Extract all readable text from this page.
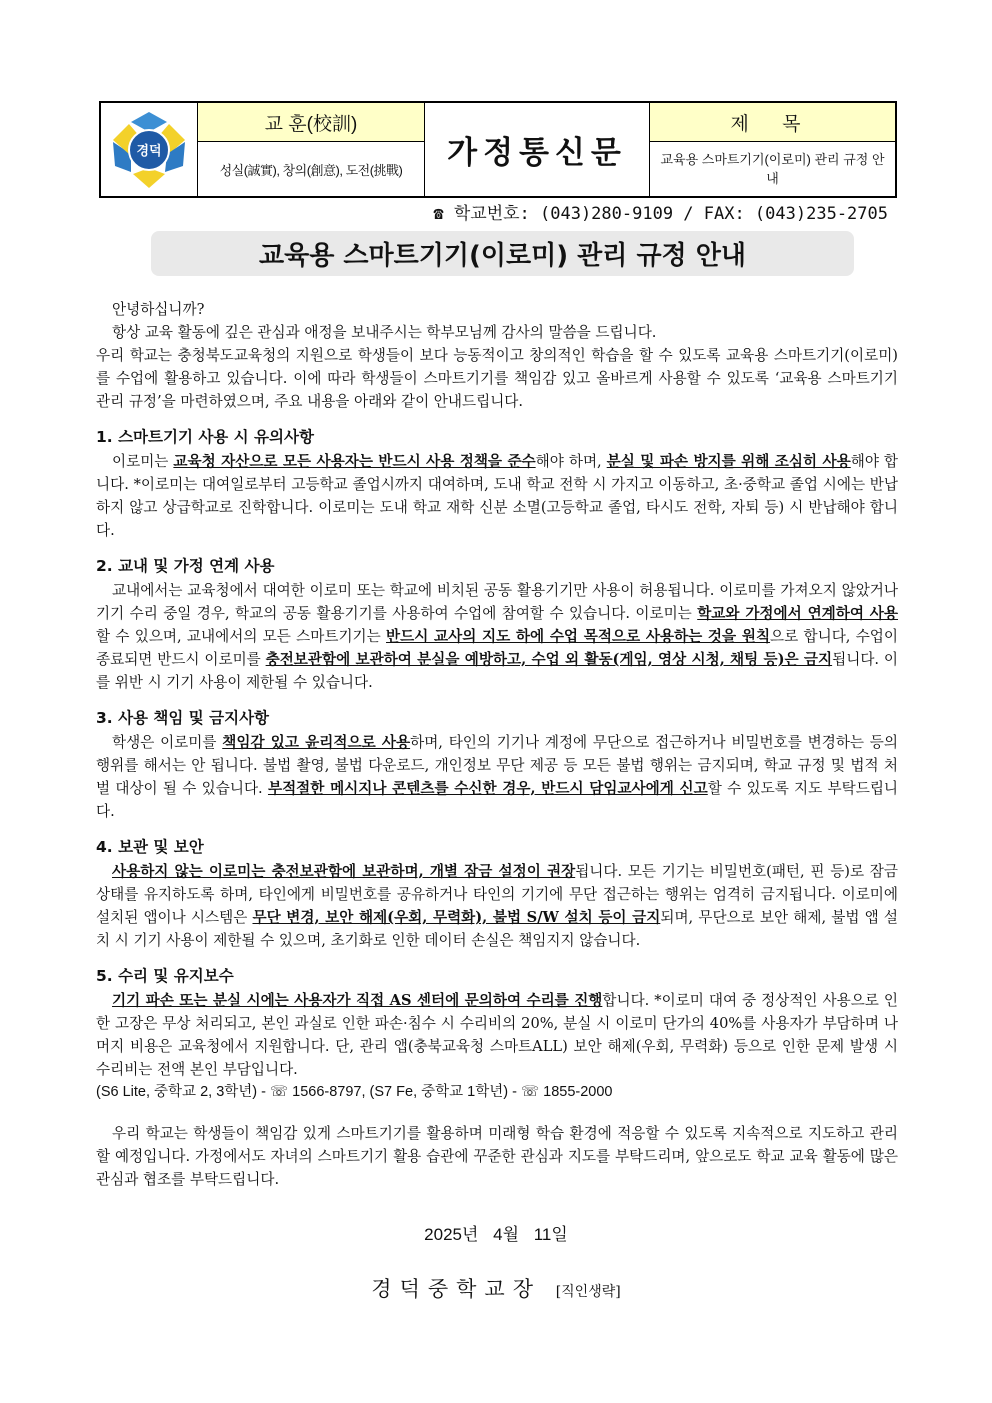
경덕
교 훈(校訓)
성실(誠實), 창의(創意), 도전(挑戰)	가정통신문
제 목
교육용 스마트기기(이로미) 관리 규정 안내
☎ 학교번호: (043)280-9109 / FAX: (043)235-2705
교육용 스마트기기(이로미) 관리 규정 안내

안녕하십니까?

항상 교육 활동에 깊은 관심과 애정을 보내주시는 학부모님께 감사의 말씀을 드립니다.

우리 학교는 충청북도교육청의 지원으로 학생들이 보다 능동적이고 창의적인 학습을 할 수 있도록 교육용 스마트기기(이로미)를 수업에 활용하고 있습니다. 이에 따라 학생들이 스마트기기를 책임감 있고 올바르게 사용할 수 있도록 ‘교육용 스마트기기 관리 규정’을 마련하였으며, 주요 내용을 아래와 같이 안내드립니다.

1. 스마트기기 사용 시 유의사항

이로미는 교육청 자산으로 모든 사용자는 반드시 사용 정책을 준수해야 하며, 분실 및 파손 방지를 위해 조심히 사용해야 합니다. *이로미는 대여일로부터 고등학교 졸업시까지 대여하며, 도내 학교 전학 시 가지고 이동하고, 초·중학교 졸업 시에는 반납하지 않고 상급학교로 진학합니다. 이로미는 도내 학교 재학 신분 소멸(고등학교 졸업, 타시도 전학, 자퇴 등) 시 반납해야 합니다.

2. 교내 및 가정 연계 사용

교내에서는 교육청에서 대여한 이로미 또는 학교에 비치된 공동 활용기기만 사용이 허용됩니다. 이로미를 가져오지 않았거나 기기 수리 중일 경우, 학교의 공동 활용기기를 사용하여 수업에 참여할 수 있습니다. 이로미는 학교와 가정에서 연계하여 사용할 수 있으며, 교내에서의 모든 스마트기기는 반드시 교사의 지도 하에 수업 목적으로 사용하는 것을 원칙으로 합니다, 수업이 종료되면 반드시 이로미를 충전보관함에 보관하여 분실을 예방하고, 수업 외 활동(게임, 영상 시청, 채팅 등)은 금지됩니다. 이를 위반 시 기기 사용이 제한될 수 있습니다.

3. 사용 책임 및 금지사항

학생은 이로미를 책임감 있고 윤리적으로 사용하며, 타인의 기기나 계정에 무단으로 접근하거나 비밀번호를 변경하는 등의 행위를 해서는 안 됩니다. 불법 촬영, 불법 다운로드, 개인정보 무단 제공 등 모든 불법 행위는 금지되며, 학교 규정 및 법적 처벌 대상이 될 수 있습니다. 부적절한 메시지나 콘텐츠를 수신한 경우, 반드시 담임교사에게 신고할 수 있도록 지도 부탁드립니다.

4. 보관 및 보안

사용하지 않는 이로미는 충전보관함에 보관하며, 개별 잠금 설정이 권장됩니다. 모든 기기는 비밀번호(패턴, 핀 등)로 잠금 상태를 유지하도록 하며, 타인에게 비밀번호를 공유하거나 타인의 기기에 무단 접근하는 행위는 엄격히 금지됩니다. 이로미에 설치된 앱이나 시스템은 무단 변경, 보안 해제(우회, 무력화), 불법 S/W 설치 등이 금지되며, 무단으로 보안 해제, 불법 앱 설치 시 기기 사용이 제한될 수 있으며, 초기화로 인한 데이터 손실은 책임지지 않습니다.

5. 수리 및 유지보수

기기 파손 또는 분실 시에는 사용자가 직접 AS 센터에 문의하여 수리를 진행합니다. *이로미 대여 중 정상적인 사용으로 인한 고장은 무상 처리되고, 본인 과실로 인한 파손·침수 시 수리비의 20%, 분실 시 이로미 단가의 40%를 사용자가 부담하며 나머지 비용은 교육청에서 지원합니다. 단, 관리 앱(충북교육청 스마트ALL) 보안 해제(우회, 무력화) 등으로 인한 문제 발생 시 수리비는 전액 본인 부담입니다.

(S6 Lite, 중학교 2, 3학년) - ☏ 1566-8797, (S7 Fe, 중학교 1학년) - ☏ 1855-2000

우리 학교는 학생들이 책임감 있게 스마트기기를 활용하며 미래형 학습 환경에 적응할 수 있도록 지속적으로 지도하고 관리할 예정입니다. 가정에서도 자녀의 스마트기기 활용 습관에 꾸준한 관심과 지도를 부탁드리며, 앞으로도 학교 교육 활동에 많은 관심과 협조를 부탁드립니다.

2025년 4월 11일
경덕중학교장 [직인생략]
